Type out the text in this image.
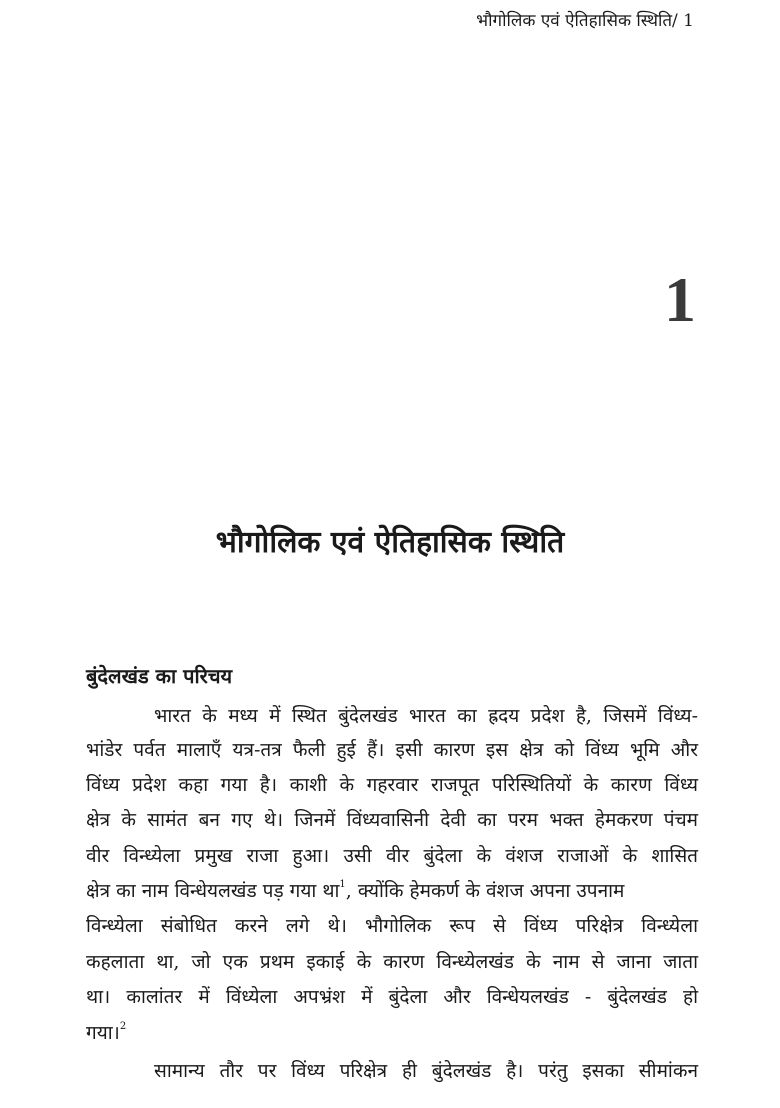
भौगोलिक एवं ऐतिहासिक स्थिति/ 1
1
भौगोलिक एवं ऐतिहासिक स्थिति
बुंदेलखंड का परिचय
भारत के मध्य में स्थित बुंदेलखंड भारत का ह्रदय प्रदेश है, जिसमें विंध्य-
भांडेर पर्वत मालाएँ यत्र-तत्र फैली हुई हैं। इसी कारण इस क्षेत्र को विंध्य भूमि और
विंध्य प्रदेश कहा गया है। काशी के गहरवार राजपूत परिस्थितियों के कारण विंध्य
क्षेत्र के सामंत बन गए थे। जिनमें विंध्यवासिनी देवी का परम भक्त हेमकरण पंचम
वीर विन्ध्येला प्रमुख राजा हुआ। उसी वीर बुंदेला के वंशज राजाओं के शासित
क्षेत्र का नाम विन्धेयलखंड पड़ गया था$^1$, क्योंकि हेमकर्ण के वंशज अपना उपनाम
विन्ध्येला संबोधित करने लगे थे। भौगोलिक रूप से विंध्य परिक्षेत्र विन्ध्येला
कहलाता था, जो एक प्रथम इकाई के कारण विन्ध्येलखंड के नाम से जाना जाता
था। कालांतर में विंध्येला अपभ्रंश में बुंदेला और विन्धेयलखंड - बुंदेलखंड हो
गया।$^2$
सामान्य तौर पर विंध्य परिक्षेत्र ही बुंदेलखंड है। परंतु इसका सीमांकन
